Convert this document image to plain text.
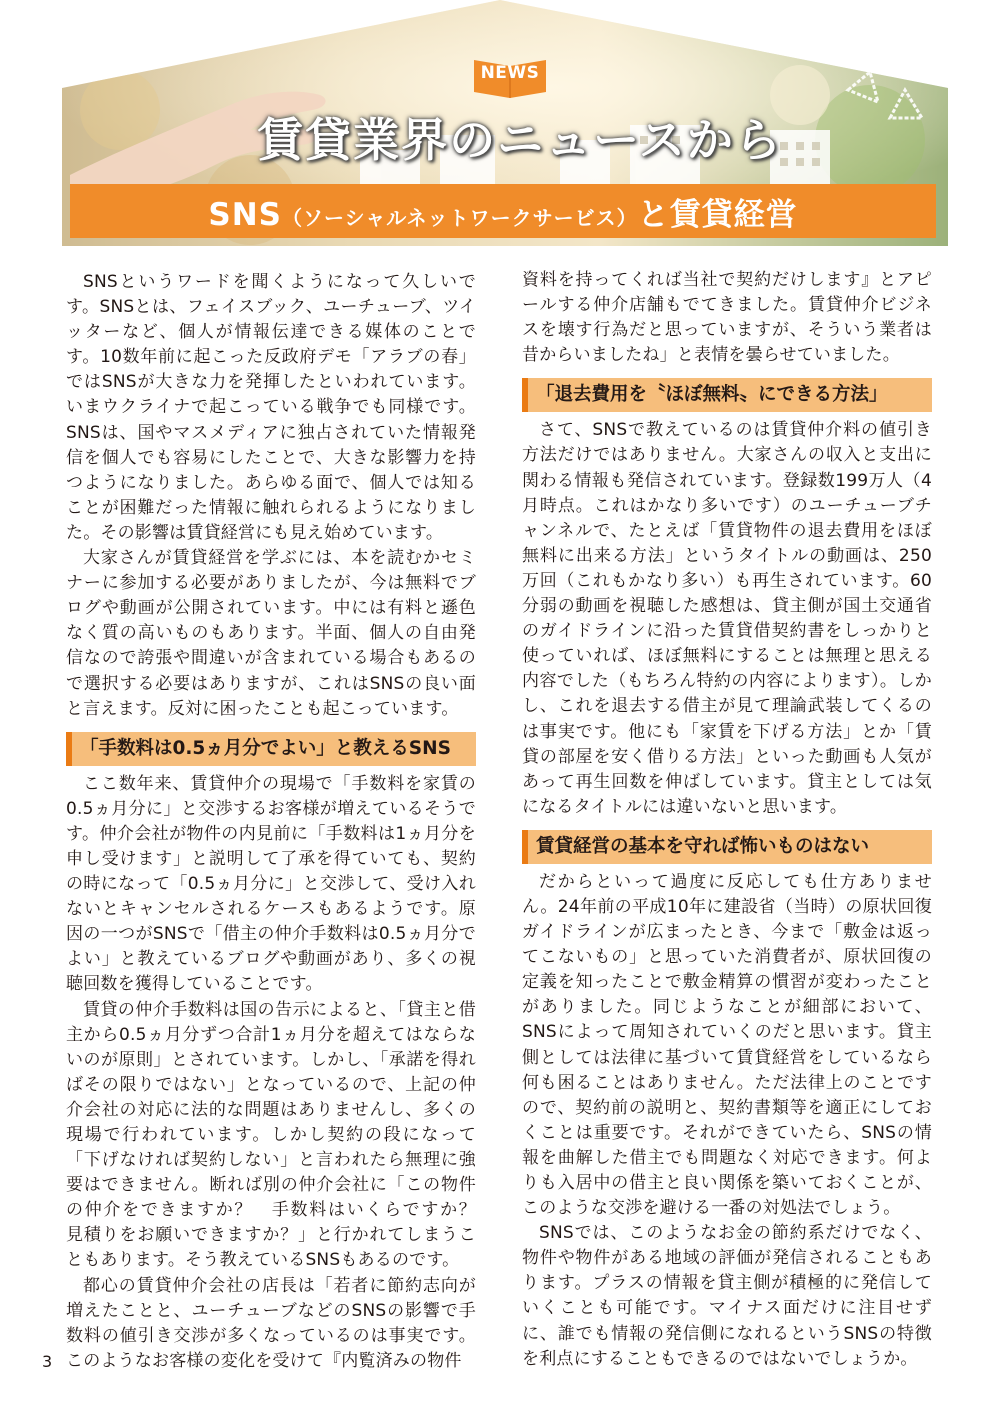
NEWS
賃貸業界のニュースから
SNS（ソーシャルネットワークサービス）と賃貸経営

SNSというワードを聞くようになって久しいです。SNSとは、フェイスブック、ユーチューブ、ツイッターなど、個人が情報伝達できる媒体のことです。10数年前に起こった反政府デモ「アラブの春」ではSNSが大きな力を発揮したといわれています。いまウクライナで起こっている戦争でも同様です。SNSは、国やマスメディアに独占されていた情報発信を個人でも容易にしたことで、大きな影響力を持つようになりました。あらゆる面で、個人では知ることが困難だった情報に触れられるようになりました。その影響は賃貸経営にも見え始めています。

大家さんが賃貸経営を学ぶには、本を読むかセミナーに参加する必要がありましたが、今は無料でブログや動画が公開されています。中には有料と遜色なく質の高いものもあります。半面、個人の自由発信なので誇張や間違いが含まれている場合もあるので選択する必要はありますが、これはSNSの良い面と言えます。反対に困ったことも起こっています。

「手数料は0.5ヵ月分でよい」と教えるSNS

ここ数年来、賃貸仲介の現場で「手数料を家賃の0.5ヵ月分に」と交渉するお客様が増えているそうです。仲介会社が物件の内見前に「手数料は1ヵ月分を申し受けます」と説明して了承を得ていても、契約の時になって「0.5ヵ月分に」と交渉して、受け入れないとキャンセルされるケースもあるようです。原因の一つがSNSで「借主の仲介手数料は0.5ヵ月分でよい」と教えているブログや動画があり、多くの視聴回数を獲得していることです。

賃貸の仲介手数料は国の告示によると、「貸主と借主から0.5ヵ月分ずつ合計1ヵ月分を超えてはならないのが原則」とされています。しかし、「承諾を得ればその限りではない」となっているので、上記の仲介会社の対応に法的な問題はありませんし、多くの現場で行われています。しかし契約の段になって「下げなければ契約しない」と言われたら無理に強要はできません。断れば別の仲介会社に「この物件の仲介をできますか？　手数料はいくらですか？　見積りをお願いできますか？」と行かれてしまうこともあります。そう教えているSNSもあるのです。

都心の賃貸仲介会社の店長は「若者に節約志向が増えたことと、ユーチューブなどのSNSの影響で手数料の値引き交渉が多くなっているのは事実です。このようなお客様の変化を受けて『内覧済みの物件

資料を持ってくれば当社で契約だけします』とアピールする仲介店舗もでてきました。賃貸仲介ビジネスを壊す行為だと思っていますが、そういう業者は昔からいましたね」と表情を曇らせていました。

「退去費用を〝ほぼ無料〟にできる方法」

さて、SNSで教えているのは賃貸仲介料の値引き方法だけではありません。大家さんの収入と支出に関わる情報も発信されています。登録数199万人（4月時点。これはかなり多いです）のユーチューブチャンネルで、たとえば「賃貸物件の退去費用をほぼ無料に出来る方法」というタイトルの動画は、250万回（これもかなり多い）も再生されています。60分弱の動画を視聴した感想は、貸主側が国土交通省のガイドラインに沿った賃貸借契約書をしっかりと使っていれば、ほぼ無料にすることは無理と思える内容でした（もちろん特約の内容によります）。しかし、これを退去する借主が見て理論武装してくるのは事実です。他にも「家賃を下げる方法」とか「賃貸の部屋を安く借りる方法」といった動画も人気があって再生回数を伸ばしています。貸主としては気になるタイトルには違いないと思います。

賃貸経営の基本を守れば怖いものはない

だからといって過度に反応しても仕方ありません。24年前の平成10年に建設省（当時）の原状回復ガイドラインが広まったとき、今まで「敷金は返ってこないもの」と思っていた消費者が、原状回復の定義を知ったことで敷金精算の慣習が変わったことがありました。同じようなことが細部において、SNSによって周知されていくのだと思います。貸主側としては法律に基づいて賃貸経営をしているなら何も困ることはありません。ただ法律上のことですので、契約前の説明と、契約書類等を適正にしておくことは重要です。それができていたら、SNSの情報を曲解した借主でも問題なく対応できます。何よりも入居中の借主と良い関係を築いておくことが、このような交渉を避ける一番の対処法でしょう。

SNSでは、このようなお金の節約系だけでなく、物件や物件がある地域の評価が発信されることもあります。プラスの情報を貸主側が積極的に発信していくことも可能です。マイナス面だけに注目せずに、誰でも情報の発信側になれるというSNSの特徴を利点にすることもできるのではないでしょうか。

3
